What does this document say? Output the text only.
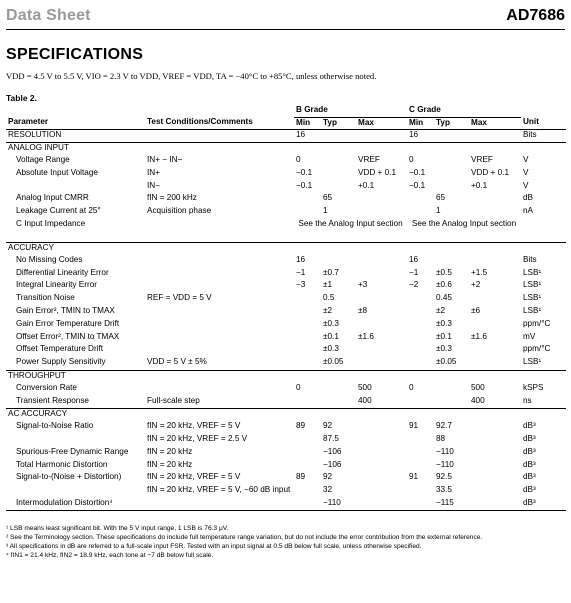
Data Sheet	AD7686
SPECIFICATIONS
VDD = 4.5 V to 5.5 V, VIO = 2.3 V to VDD, VREF = VDD, TA = −40°C to +85°C, unless otherwise noted.
Table 2.
		B Grade			C Grade			
Parameter	Test Conditions/Comments	Min	Typ	Max	Min	Typ	Max	Unit
RESOLUTION		16			16			Bits
ANALOG INPUT								
Voltage Range	IN+ − IN−	0		VREF	0		VREF	V
Absolute Input Voltage	IN+	−0.1		VDD + 0.1	−0.1		VDD + 0.1	V
	IN−	−0.1		+0.1	−0.1		+0.1	V
Analog Input CMRR	fIN = 200 kHz		65			65		dB
Leakage Current at 25°	Acquisition phase		1			1		nA
C Input Impedance		See the Analog Input section			See the Analog Input section			
ACCURACY								
No Missing Codes		16			16			Bits
Differential Linearity Error		−1	±0.7		−1	±0.5	+1.5	LSB¹
Integral Linearity Error		−3	±1	+3	−2	±0.6	+2	LSB¹
Transition Noise	REF = VDD = 5 V		0.5			0.45		LSB¹
Gain Error², TMIN to TMAX			±2	±8		±2	±6	LSB¹
Gain Error Temperature Drift			±0.3			±0.3		ppm/°C
Offset Error², TMIN to TMAX			±0.1	±1.6		±0.1	±1.6	mV
Offset Temperature Drift			±0.3			±0.3		ppm/°C
Power Supply Sensitivity	VDD = 5 V ± 5%		±0.05			±0.05		LSB¹
THROUGHPUT								
Conversion Rate		0		500	0		500	kSPS
Transient Response	Full-scale step			400			400	ns
AC ACCURACY								
Signal-to-Noise Ratio	fIN = 20 kHz, VREF = 5 V	89	92		91	92.7		dB³
	fIN = 20 kHz, VREF = 2.5 V		87.5			88		dB³
Spurious-Free Dynamic Range	fIN = 20 kHz		−106			−110		dB³
Total Harmonic Distortion	fIN = 20 kHz		−106			−110		dB³
Signal-to-(Noise + Distortion)	fIN = 20 kHz, VREF = 5 V	89	92		91	92.5		dB³
	fIN = 20 kHz, VREF = 5 V, −60 dB input		32			33.5		dB³
Intermodulation Distortion⁴			−110			−115		dB³
¹ LSB means least significant bit. With the 5 V input range, 1 LSB is 76.3 μV.
² See the Terminology section. These specifications do include full temperature range variation, but do not include the error contribution from the external reference.
³ All specifications in dB are referred to a full-scale input FSR. Tested with an input signal at 0.5 dB below full scale, unless otherwise specified.
⁴ fIN1 = 21.4 kHz, fIN2 = 18.9 kHz, each tone at −7 dB below full scale.
